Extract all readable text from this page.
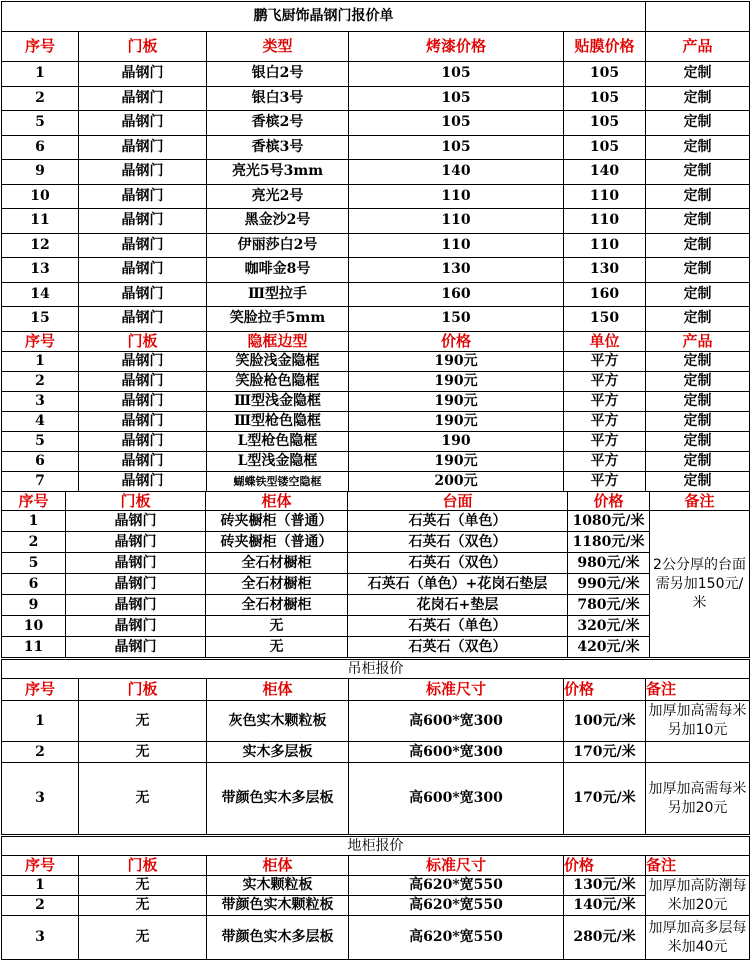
鹏飞厨饰晶钢门报价单					
序号	门板	类型	烤漆价格	贴膜价格	产品
1	晶钢门	银白2号	105	105	定制
2	晶钢门	银白3号	105	105	定制
5	晶钢门	香槟2号	105	105	定制
6	晶钢门	香槟3号	105	105	定制
9	晶钢门	亮光5号3mm	140	140	定制
10	晶钢门	亮光2号	110	110	定制
11	晶钢门	黑金沙2号	110	110	定制
12	晶钢门	伊丽莎白2号	110	110	定制
13	晶钢门	咖啡金8号	130	130	定制
14	晶钢门	Ⅲ型拉手	160	160	定制
15	晶钢门	笑脸拉手5mm	150	150	定制
序号	门板	隐框边型	价格	单位	产品
1	晶钢门	笑脸浅金隐框	190元	平方	定制
2	晶钢门	笑脸枪色隐框	190元	平方	定制
3	晶钢门	Ⅲ型浅金隐框	190元	平方	定制
4	晶钢门	Ⅲ型枪色隐框	190元	平方	定制
5	晶钢门	L型枪色隐框	190	平方	定制
6	晶钢门	L型浅金隐框	190元	平方	定制
7	晶钢门	蝴蝶铁型镂空隐框	200元	平方	定制
序号	门板	柜体	台面	价格	备注
1	晶钢门	砖夹橱柜（普通）	石英石（单色）	1080元/米	2公分厚的台面需另加150元/米
2	晶钢门	砖夹橱柜（普通）	石英石（双色）	1180元/米	
5	晶钢门	全石材橱柜	石英石（双色）	980元/米	
6	晶钢门	全石材橱柜	石英石（单色）+花岗石垫层	990元/米	
9	晶钢门	全石材橱柜	花岗石+垫层	780元/米	
10	晶钢门	无	石英石（单色）	320元/米	
11	晶钢门	无	石英石（双色）	420元/米	
吊柜报价					
序号	门板	柜体	标准尺寸	价格	备注
1	无	灰色实木颗粒板	高600*宽300	100元/米	加厚加高需每米另加10元
2	无	实木多层板	高600*宽300	170元/米	
3	无	带颜色实木多层板	高600*宽300	170元/米	加厚加高需每米另加20元
地柜报价					
序号	门板	柜体	标准尺寸	价格	备注
1	无	实木颗粒板	高620*宽550	130元/米	加厚加高防潮每米加20元
2	无	带颜色实木颗粒板	高620*宽550	140元/米	
3	无	带颜色实木多层板	高620*宽550	280元/米	加厚加高多层每米加40元
